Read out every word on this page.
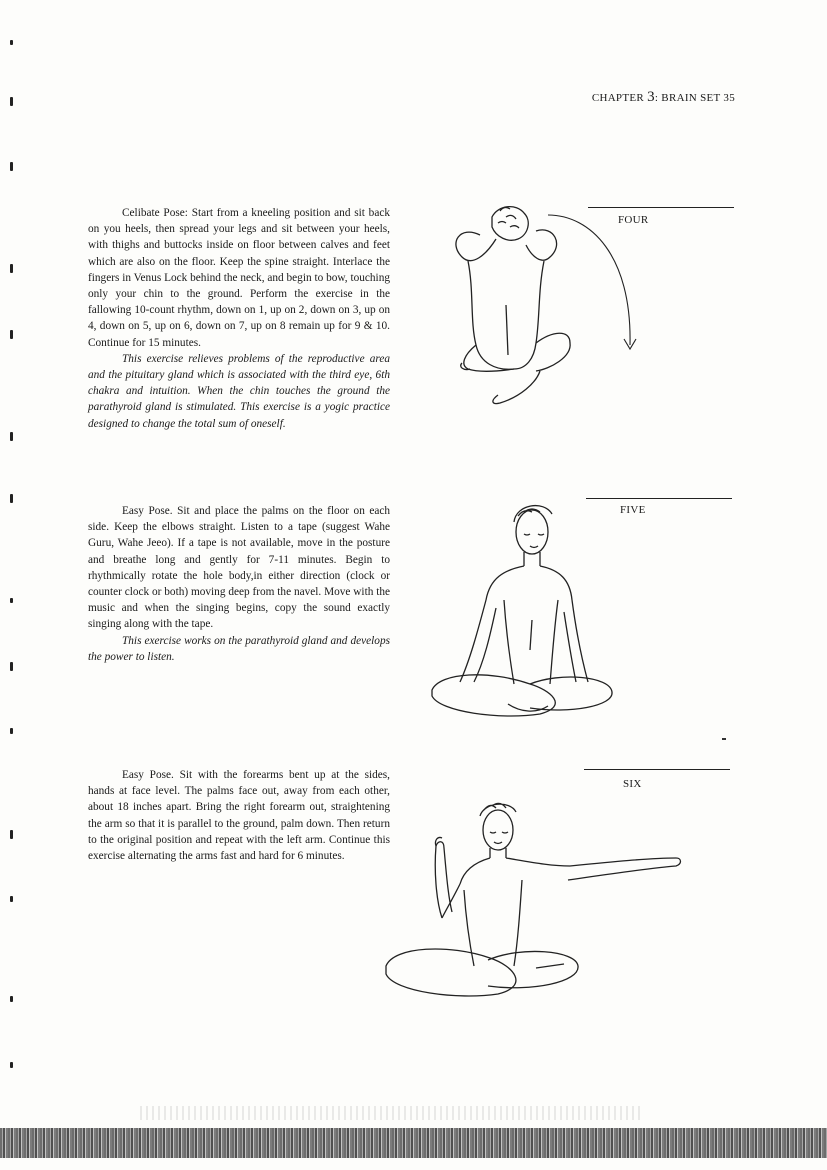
CHAPTER 3: BRAIN SET 35

Celibate Pose: Start from a kneeling position and sit back on you heels, then spread your legs and sit between your heels, with thighs and buttocks inside on floor between calves and feet which are also on the floor. Keep the spine straight. Interlace the fingers in Venus Lock behind the neck, and begin to bow, touching only your chin to the ground. Perform the exercise in the fallowing 10-count rhythm, down on 1, up on 2, down on 3, up on 4, down on 5, up on 6, down on 7, up on 8 remain up for 9 & 10. Continue for 15 minutes.

This exercise relieves problems of the reproductive area and the pituitary gland which is associated with the third eye, 6th chakra and intuition. When the chin touches the ground the parathyroid gland is stimulated. This exercise is a yogic practice designed to change the total sum of oneself.

FOUR

Easy Pose. Sit and place the palms on the floor on each side. Keep the elbows straight. Listen to a tape (suggest Wahe Guru, Wahe Jeeo). If a tape is not available, move in the posture and breathe long and gently for 7-11 minutes. Begin to rhythmically rotate the hole body,in either direction (clock or counter clock or both) moving deep from the navel. Move with the music and when the singing begins, copy the sound exactly singing along with the tape.

This exercise works on the parathyroid gland and develops the power to listen.

FIVE

Easy Pose. Sit with the forearms bent up at the sides, hands at face level. The palms face out, away from each other, about 18 inches apart. Bring the right forearm out, straightening the arm so that it is parallel to the ground, palm down. Then return to the original position and repeat with the left arm. Continue this exercise alternating the arms fast and hard for 6 minutes.

SIX
